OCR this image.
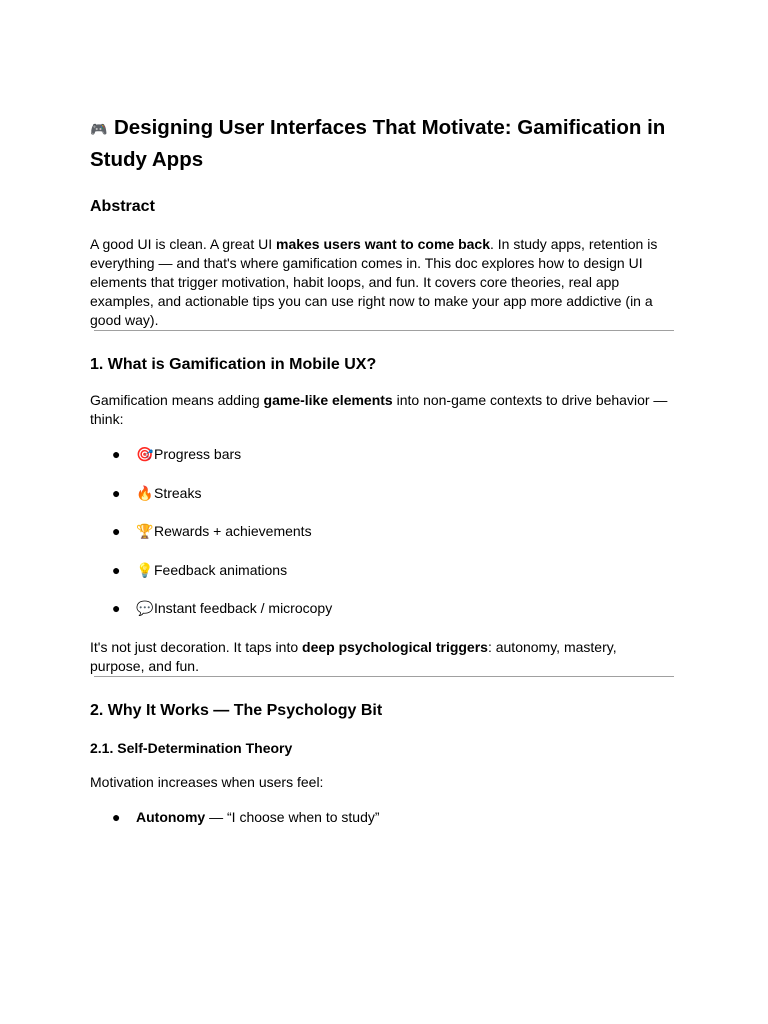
🎮 Designing User Interfaces That Motivate: Gamification in Study Apps
Abstract

A good UI is clean. A great UI makes users want to come back. In study apps, retention is everything — and that's where gamification comes in. This doc explores how to design UI elements that trigger motivation, habit loops, and fun. It covers core theories, real app examples, and actionable tips you can use right now to make your app more addictive (in a good way).

1. What is Gamification in Mobile UX?

Gamification means adding game-like elements into non-game contexts to drive behavior — think:

● 🎯Progress bars
● 🔥Streaks
● 🏆Rewards + achievements
● 💡Feedback animations
● 💬Instant feedback / microcopy

It's not just decoration. It taps into deep psychological triggers: autonomy, mastery, purpose, and fun.

2. Why It Works — The Psychology Bit
2.1. Self-Determination Theory

Motivation increases when users feel:

● Autonomy — “I choose when to study”
